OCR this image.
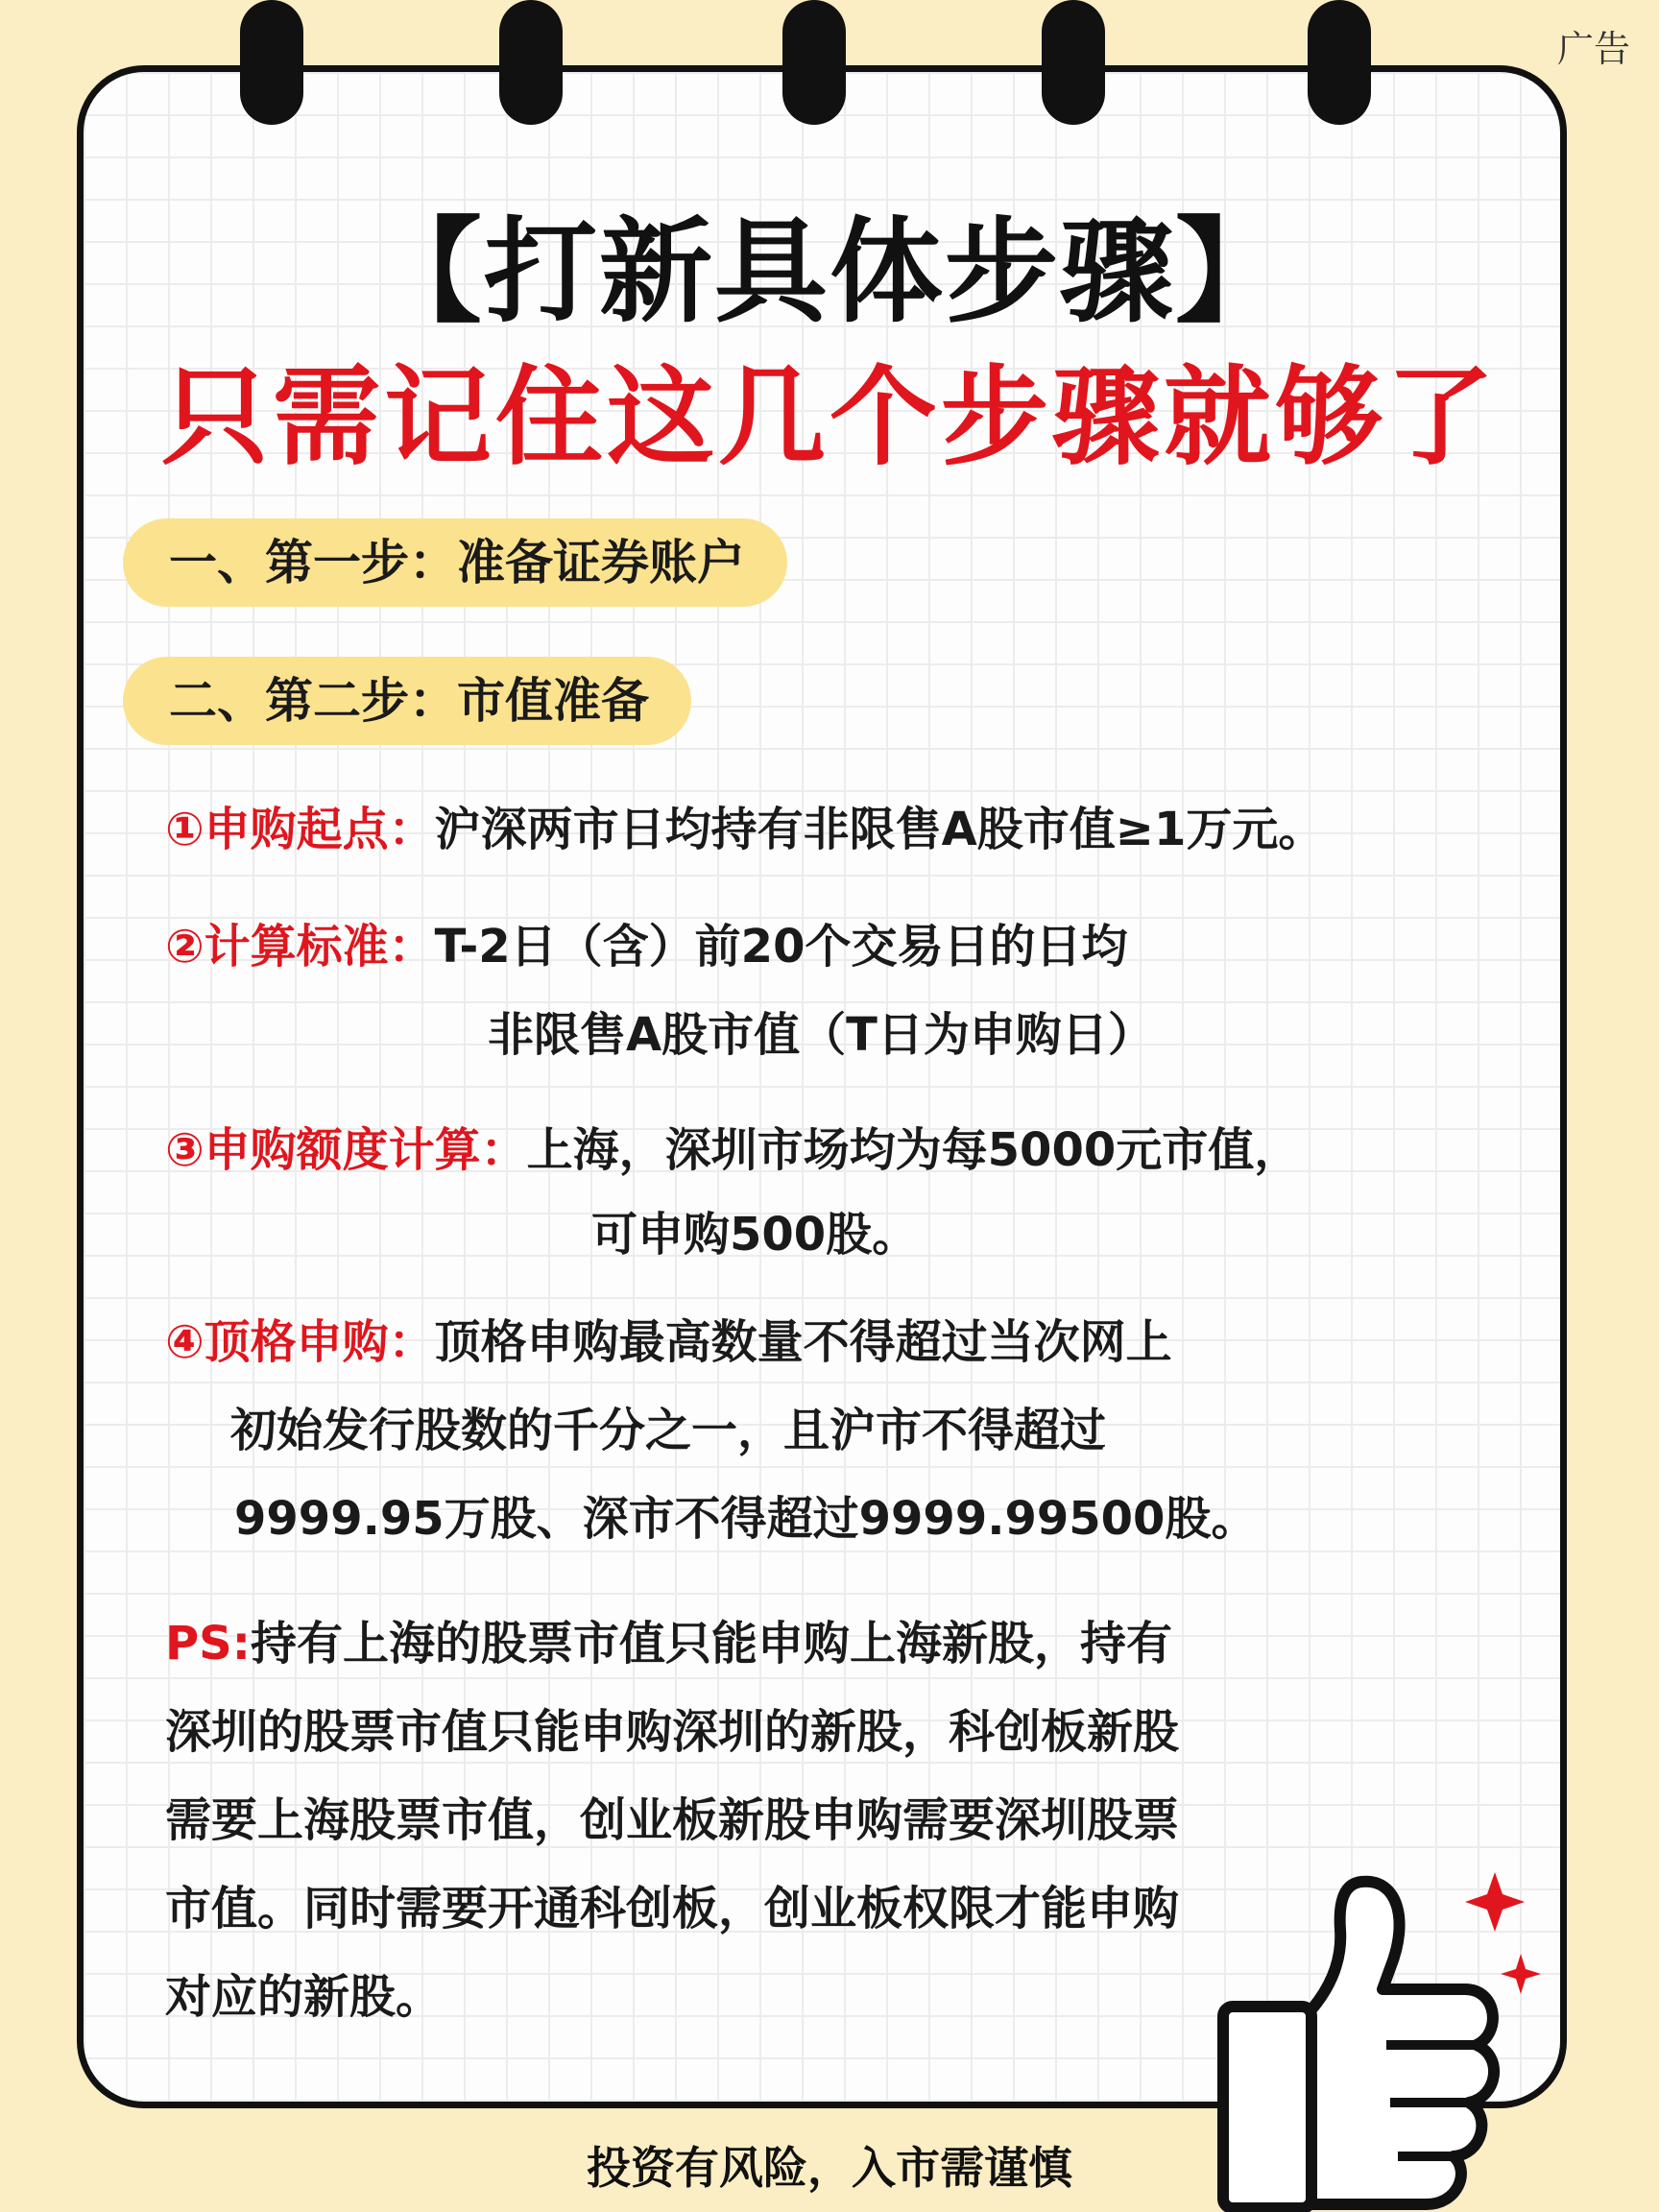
广告
【打新具体步骤】
只需记住这几个步骤就够了
一、第一步：准备证券账户
二、第二步：市值准备
①申购起点：沪深两市日均持有非限售A股市值≥1万元。
②计算标准：T-2日（含）前20个交易日的日均
非限售A股市值（T日为申购日）
③申购额度计算：上海，深圳市场均为每5000元市值，
可申购500股。
④顶格申购：顶格申购最高数量不得超过当次网上
初始发行股数的千分之一，且沪市不得超过
9999.95万股、深市不得超过9999.99500股。
PS:持有上海的股票市值只能申购上海新股，持有
深圳的股票市值只能申购深圳的新股，科创板新股
需要上海股票市值，创业板新股申购需要深圳股票
市值。同时需要开通科创板，创业板权限才能申购
对应的新股。
投资有风险，入市需谨慎
